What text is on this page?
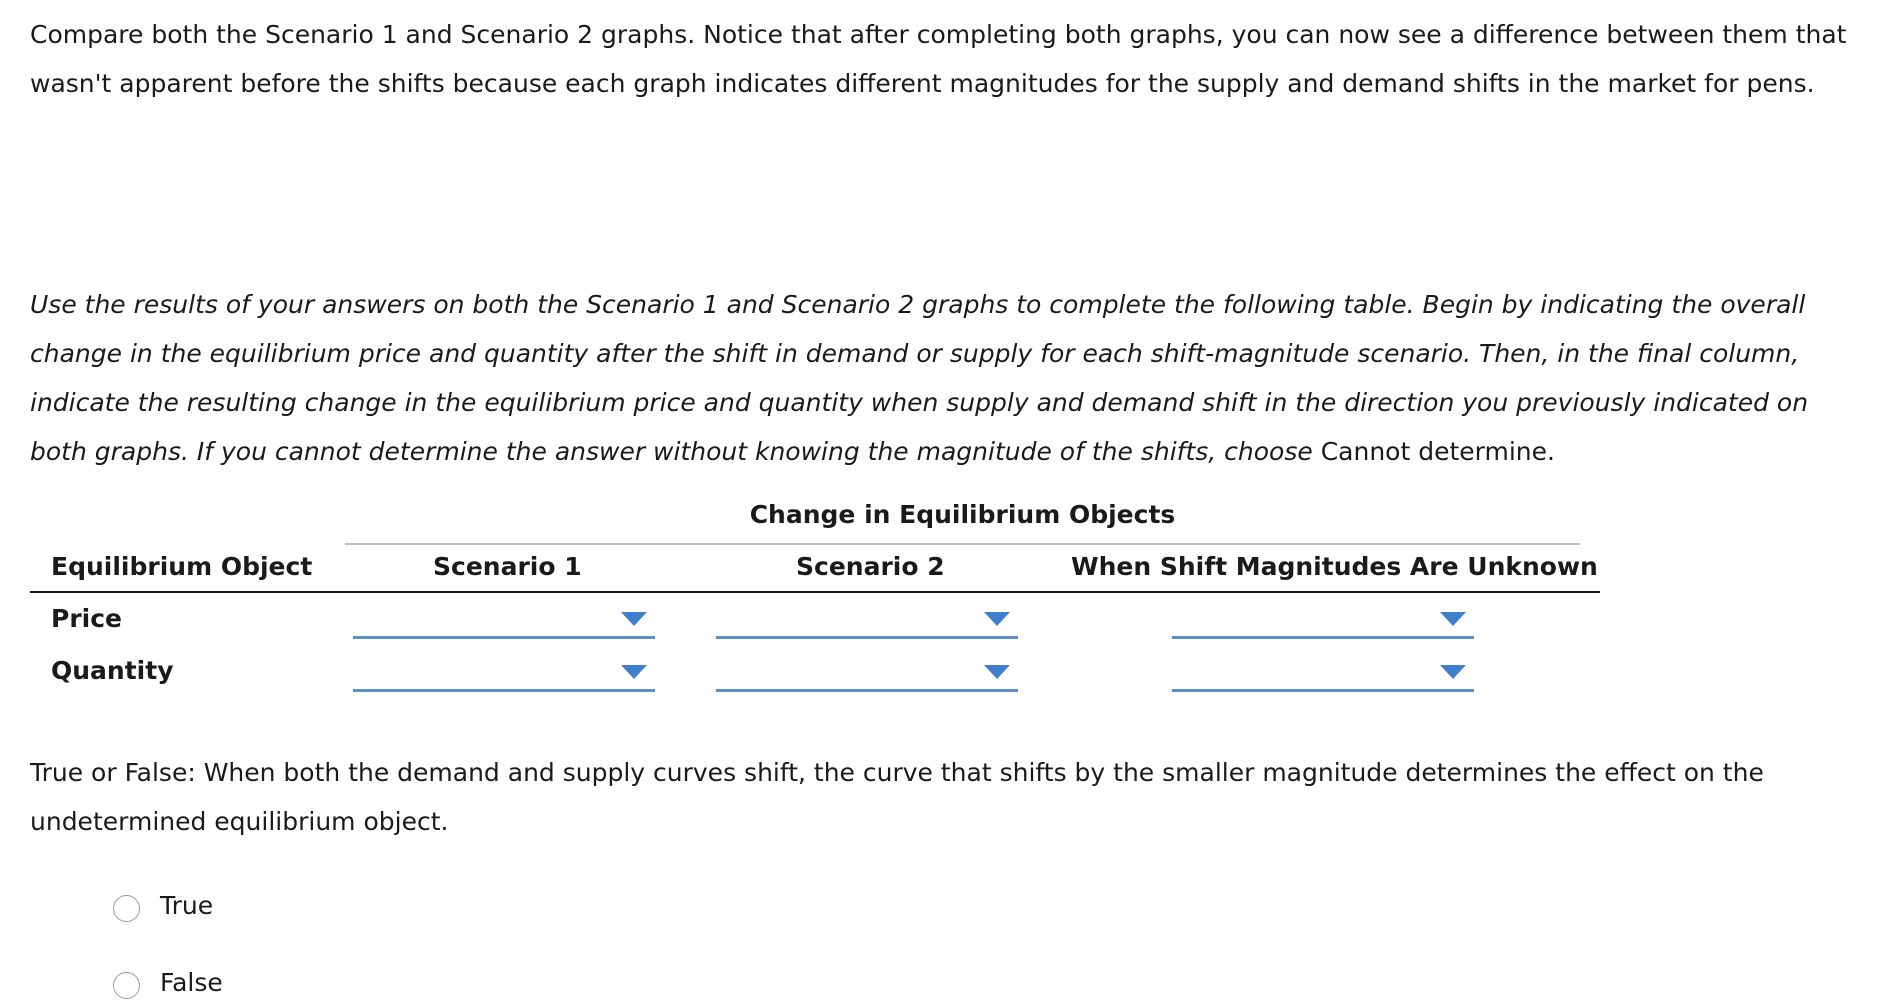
Compare both the Scenario 1 and Scenario 2 graphs. Notice that after completing both graphs, you can now see a difference between them that wasn't apparent before the shifts because each graph indicates different magnitudes for the supply and demand shifts in the market for pens.

Use the results of your answers on both the Scenario 1 and Scenario 2 graphs to complete the following table. Begin by indicating the overall change in the equilibrium price and quantity after the shift in demand or supply for each shift-magnitude scenario. Then, in the final column, indicate the resulting change in the equilibrium price and quantity when supply and demand shift in the direction you previously indicated on both graphs. If you cannot determine the answer without knowing the magnitude of the shifts, choose Cannot determine.

Change in Equilibrium Objects
Equilibrium Object	Scenario 1	Scenario 2	When Shift Magnitudes Are Unknown
Price
Quantity

True or False: When both the demand and supply curves shift, the curve that shifts by the smaller magnitude determines the effect on the undetermined equilibrium object.

True
False
